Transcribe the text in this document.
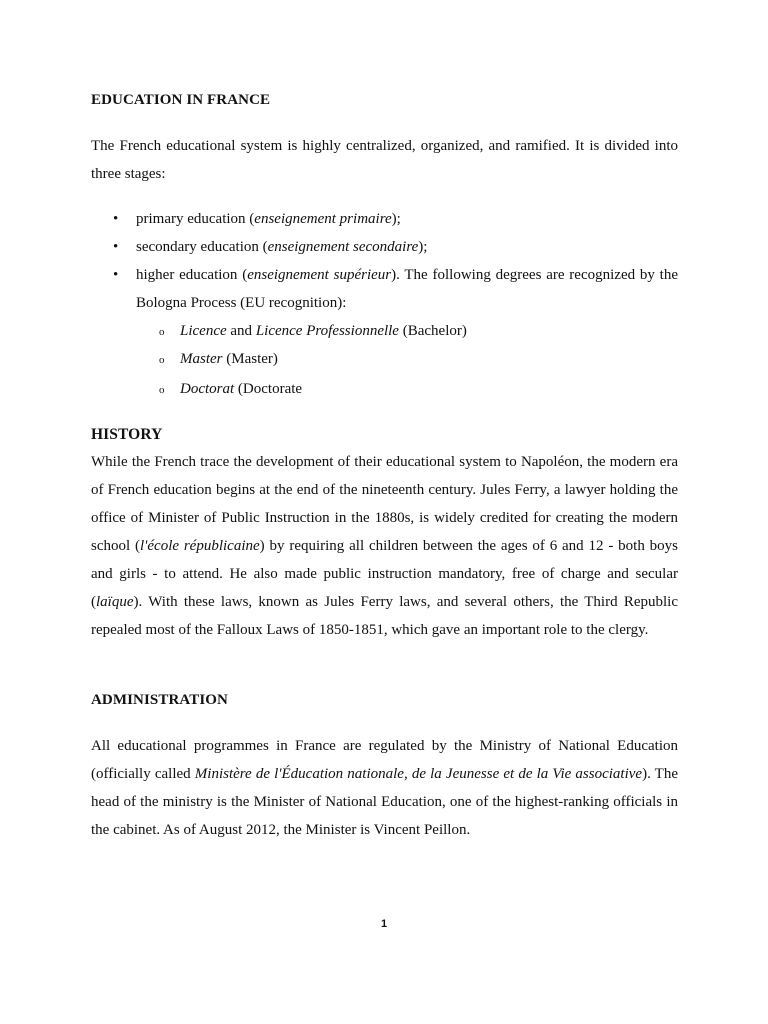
EDUCATION IN FRANCE

The French educational system is highly centralized, organized, and ramified. It is divided into three stages:

• primary education (enseignement primaire);
• secondary education (enseignement secondaire);
• higher education (enseignement supérieur). The following degrees are recognized by the Bologna Process (EU recognition):
o Licence and Licence Professionnelle (Bachelor)
o Master (Master)
o Doctorat (Doctorate
HISTORY

While the French trace the development of their educational system to Napoléon, the modern era of French education begins at the end of the nineteenth century. Jules Ferry, a lawyer holding the office of Minister of Public Instruction in the 1880s, is widely credited for creating the modern school (l'école républicaine) by requiring all children between the ages of 6 and 12 - both boys and girls - to attend. He also made public instruction mandatory, free of charge and secular (laïque). With these laws, known as Jules Ferry laws, and several others, the Third Republic repealed most of the Falloux Laws of 1850-1851, which gave an important role to the clergy.

ADMINISTRATION

All educational programmes in France are regulated by the Ministry of National Education (officially called Ministère de l'Éducation nationale, de la Jeunesse et de la Vie associative). The head of the ministry is the Minister of National Education, one of the highest-ranking officials in the cabinet. As of August 2012, the Minister is Vincent Peillon.

1
